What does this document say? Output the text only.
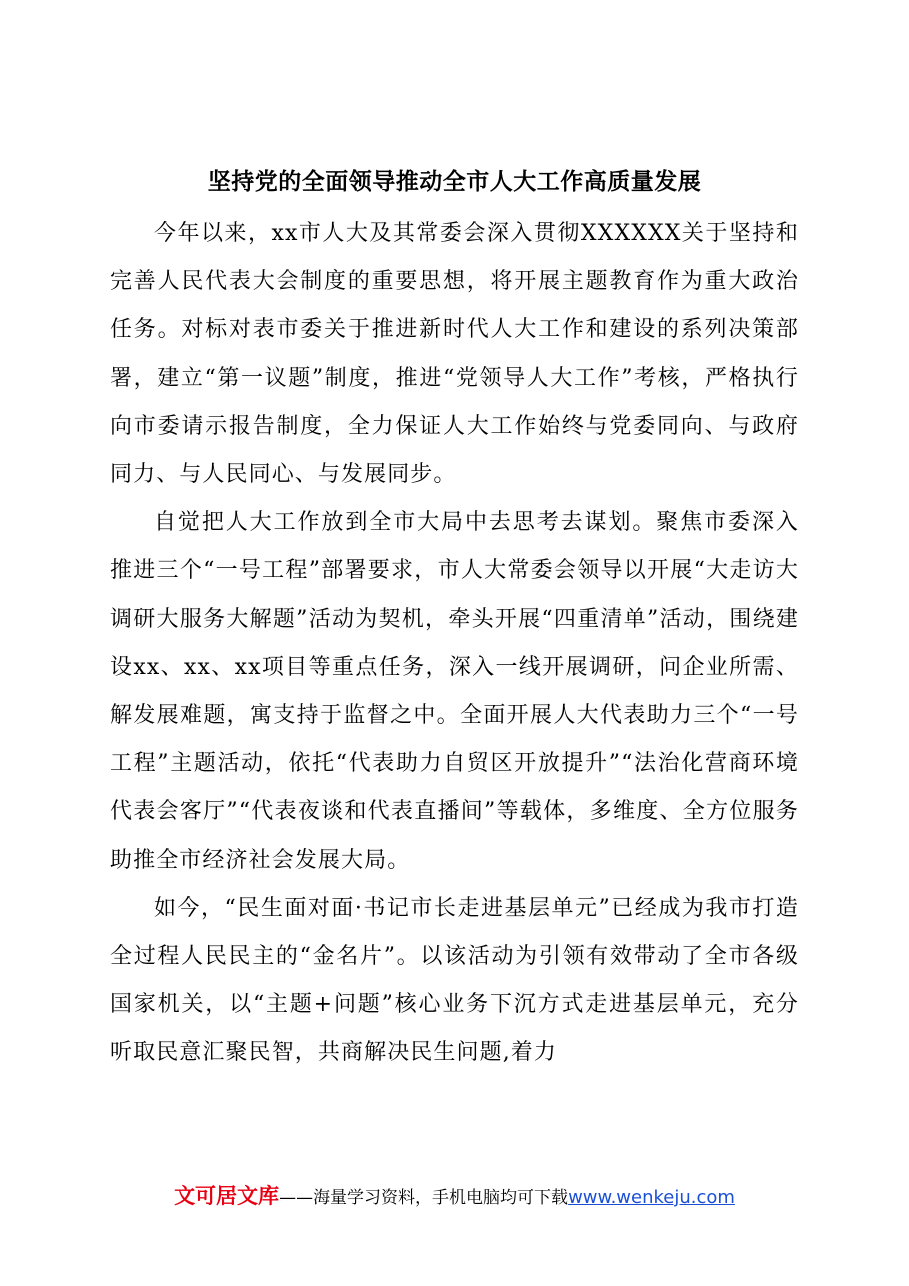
坚持党的全面领导推动全市人大工作高质量发展

今年以来，xx市人大及其常委会深入贯彻XXXXXX关于坚持和完善人民代表大会制度的重要思想，将开展主题教育作为重大政治任务。对标对表市委关于推进新时代人大工作和建设的系列决策部署，建立“第一议题”制度，推进“党领导人大工作”考核，严格执行向市委请示报告制度，全力保证人大工作始终与党委同向、与政府同力、与人民同心、与发展同步。

自觉把人大工作放到全市大局中去思考去谋划。聚焦市委深入推进三个“一号工程”部署要求，市人大常委会领导以开展“大走访大调研大服务大解题”活动为契机，牵头开展“四重清单”活动，围绕建设xx、xx、xx项目等重点任务，深入一线开展调研，问企业所需、解发展难题，寓支持于监督之中。全面开展人大代表助力三个“一号工程”主题活动，依托“代表助力自贸区开放提升”“法治化营商环境代表会客厅”“代表夜谈和代表直播间”等载体，多维度、全方位服务助推全市经济社会发展大局。

如今，“民生面对面·书记市长走进基层单元”已经成为我市打造全过程人民民主的“金名片”。以该活动为引领有效带动了全市各级国家机关，以“主题+问题”核心业务下沉方式走进基层单元，充分听取民意汇聚民智，共商解决民生问题,着力

文可居文库——海量学习资料，手机电脑均可下载www.wenkeju.com
